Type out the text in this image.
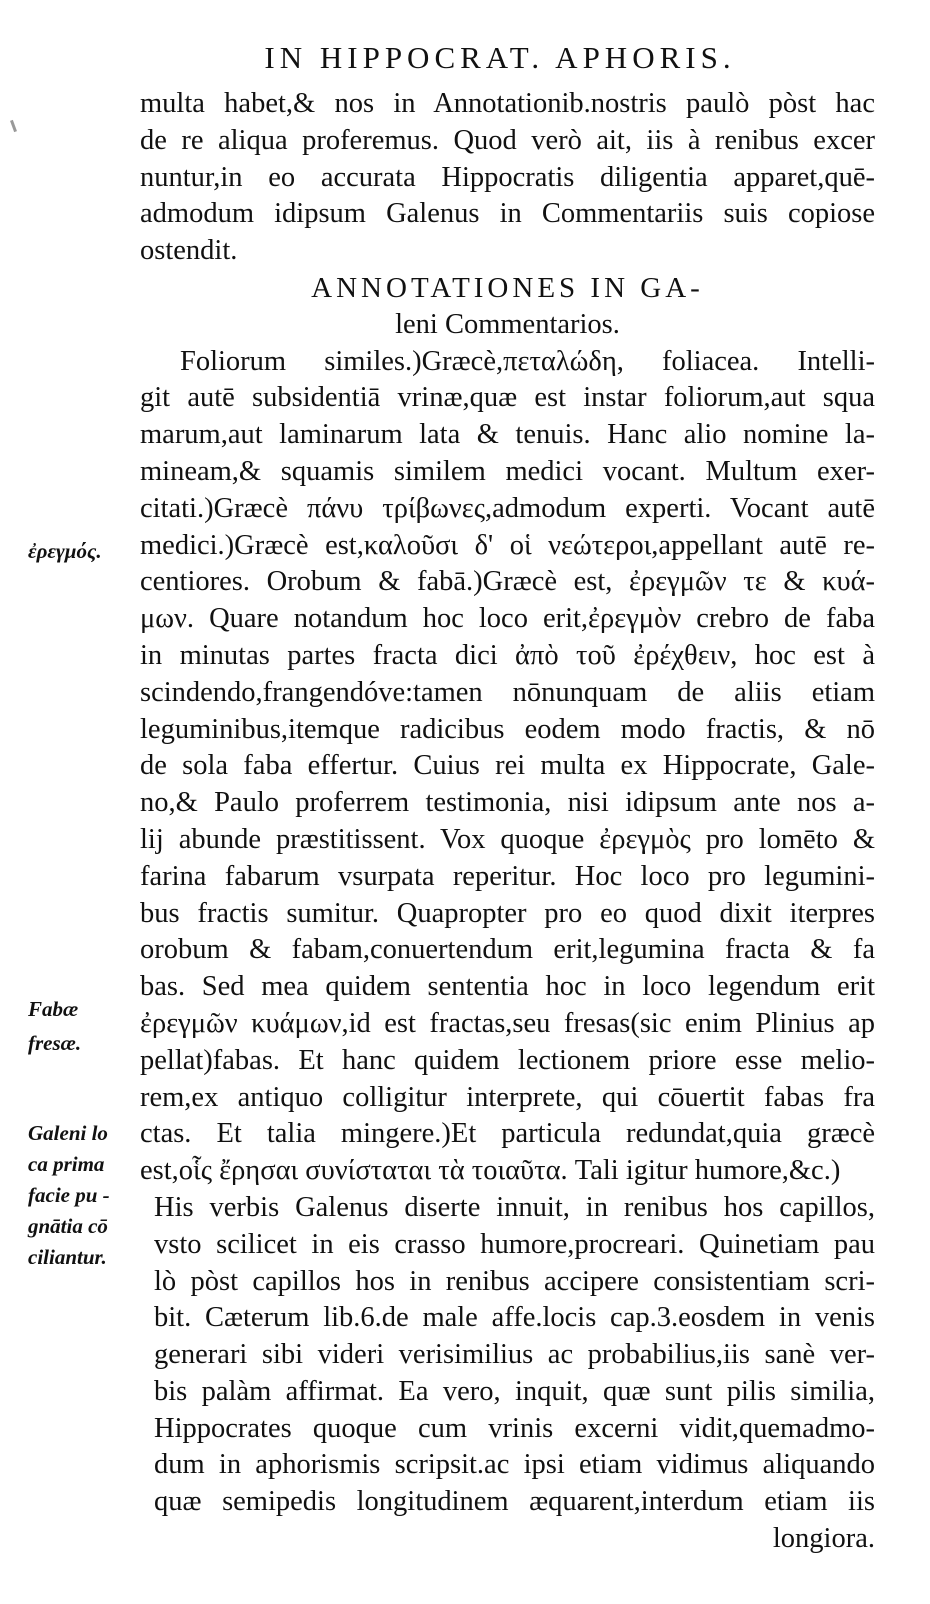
IN HIPPOCRAT. APHORIS.
multa habet,& nos in Annotationib.nostris paulò pòst hac
de re aliqua proferemus. Quod verò ait, iis à renibus excer
nuntur,in eo accurata Hippocratis diligentia apparet,quē-
admodum idipsum Galenus in Commentariis suis copiose
ostendit.
ANNOTATIONES IN GA-
leni Commentarios.
Foliorum similes.)Græcè,πεταλώδη, foliacea. Intelli-
git autē subsidentiā vrinæ,quæ est instar foliorum,aut squa
marum,aut laminarum lata & tenuis. Hanc alio nomine la-
mineam,& squamis similem medici vocant. Multum exer-
citati.)Græcè πάνυ τρίβωνες,admodum experti. Vocant autē
medici.)Græcè est,καλοῦσι δ' οἱ νεώτεροι,appellant autē re-
centiores. Orobum & fabā.)Græcè est, ἐρεγμῶν τε & κυά-
μων. Quare notandum hoc loco erit,ἐρεγμὸν crebro de faba
in minutas partes fracta dici ἀπὸ τοῦ ἐρέχθειν, hoc est à
scindendo,frangendóve:tamen nōnunquam de aliis etiam
leguminibus,itemque radicibus eodem modo fractis, & nō
de sola faba effertur. Cuius rei multa ex Hippocrate, Gale-
no,& Paulo proferrem testimonia, nisi idipsum ante nos a-
lij abunde præstitissent. Vox quoque ἐρεγμὸς pro lomēto &
farina fabarum vsurpata reperitur. Hoc loco pro legumini-
bus fractis sumitur. Quapropter pro eo quod dixit iterpres
orobum & fabam,conuertendum erit,legumina fracta & fa
bas. Sed mea quidem sententia hoc in loco legendum erit
ἐρεγμῶν κυάμων,id est fractas,seu fresas(sic enim Plinius ap
pellat)fabas. Et hanc quidem lectionem priore esse melio-
rem,ex antiquo colligitur interprete, qui cōuertit fabas fra
ctas. Et talia mingere.)Et particula redundat,quia græcè
est,οἷς ἔρησαι συνίσταται τὰ τοιαῦτα. Tali igitur humore,&c.)
His verbis Galenus diserte innuit, in renibus hos capillos,
vsto scilicet in eis crasso humore,procreari. Quinetiam pau
lò pòst capillos hos in renibus accipere consistentiam scri-
bit. Cæterum lib.6.de male affe.locis cap.3.eosdem in venis
generari sibi videri verisimilius ac probabilius,iis sanè ver-
bis palàm affirmat. Ea vero, inquit, quæ sunt pilis similia,
Hippocrates quoque cum vrinis excerni vidit,quemadmo-
dum in aphorismis scripsit.ac ipsi etiam vidimus aliquando
quæ semipedis longitudinem æquarent,interdum etiam iis
longiora.
ἐρεγμός.
Fabæ
fresæ.
Galeni lo
ca prima
facie pu -
gnātia cō
ciliantur.
